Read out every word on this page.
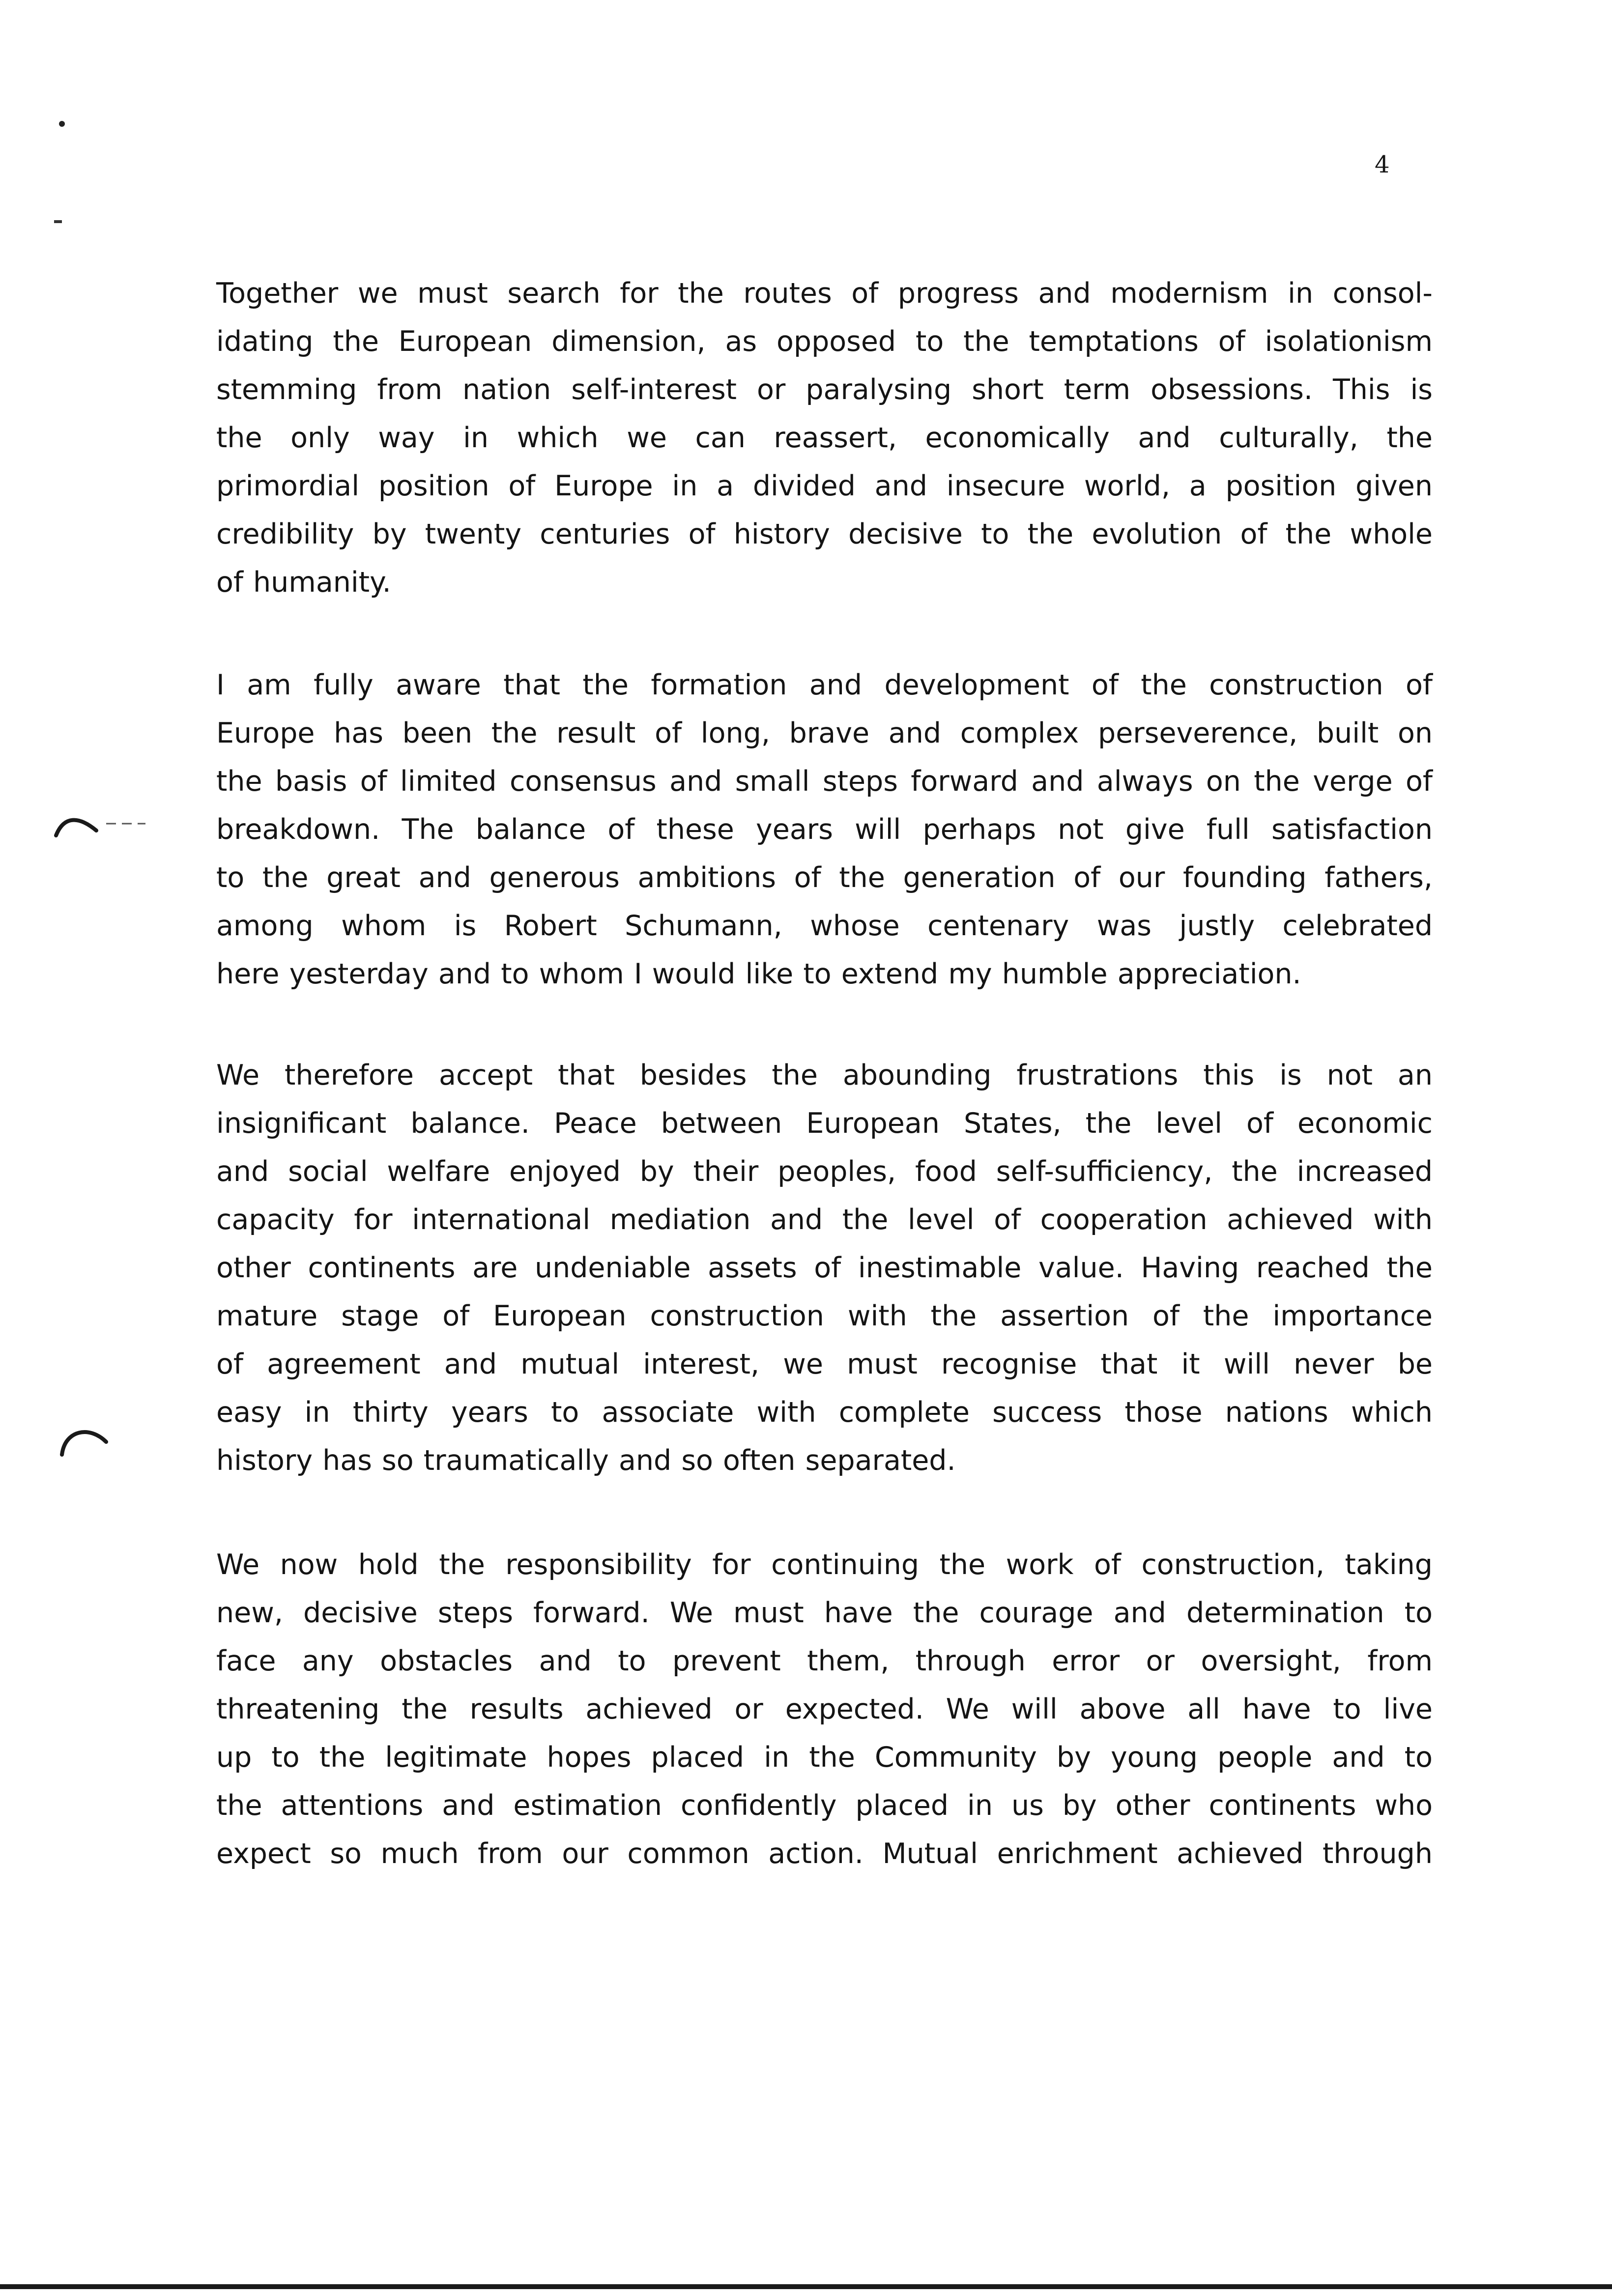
4
Together we must search for the routes of progress and modernism in consol-
idating the European dimension, as opposed to the temptations of isolationism
stemming from nation self-interest or paralysing short term obsessions. This is
the only way in which we can reassert, economically and culturally, the
primordial position of Europe in a divided and insecure world, a position given
credibility by twenty centuries of history decisive to the evolution of the whole
of humanity.
I am fully aware that the formation and development of the construction of
Europe has been the result of long, brave and complex perseverence, built on
the basis of limited consensus and small steps forward and always on the verge of
breakdown. The balance of these years will perhaps not give full satisfaction
to the great and generous ambitions of the generation of our founding fathers,
among whom is Robert Schumann, whose centenary was justly celebrated
here yesterday and to whom I would like to extend my humble appreciation.
We therefore accept that besides the abounding frustrations this is not an
insignificant balance. Peace between European States, the level of economic
and social welfare enjoyed by their peoples, food self-sufficiency, the increased
capacity for international mediation and the level of cooperation achieved with
other continents are undeniable assets of inestimable value. Having reached the
mature stage of European construction with the assertion of the importance
of agreement and mutual interest, we must recognise that it will never be
easy in thirty years to associate with complete success those nations which
history has so traumatically and so often separated.
We now hold the responsibility for continuing the work of construction, taking
new, decisive steps forward. We must have the courage and determination to
face any obstacles and to prevent them, through error or oversight, from
threatening the results achieved or expected. We will above all have to live
up to the legitimate hopes placed in the Community by young people and to
the attentions and estimation confidently placed in us by other continents who
expect so much from our common action. Mutual enrichment achieved through
